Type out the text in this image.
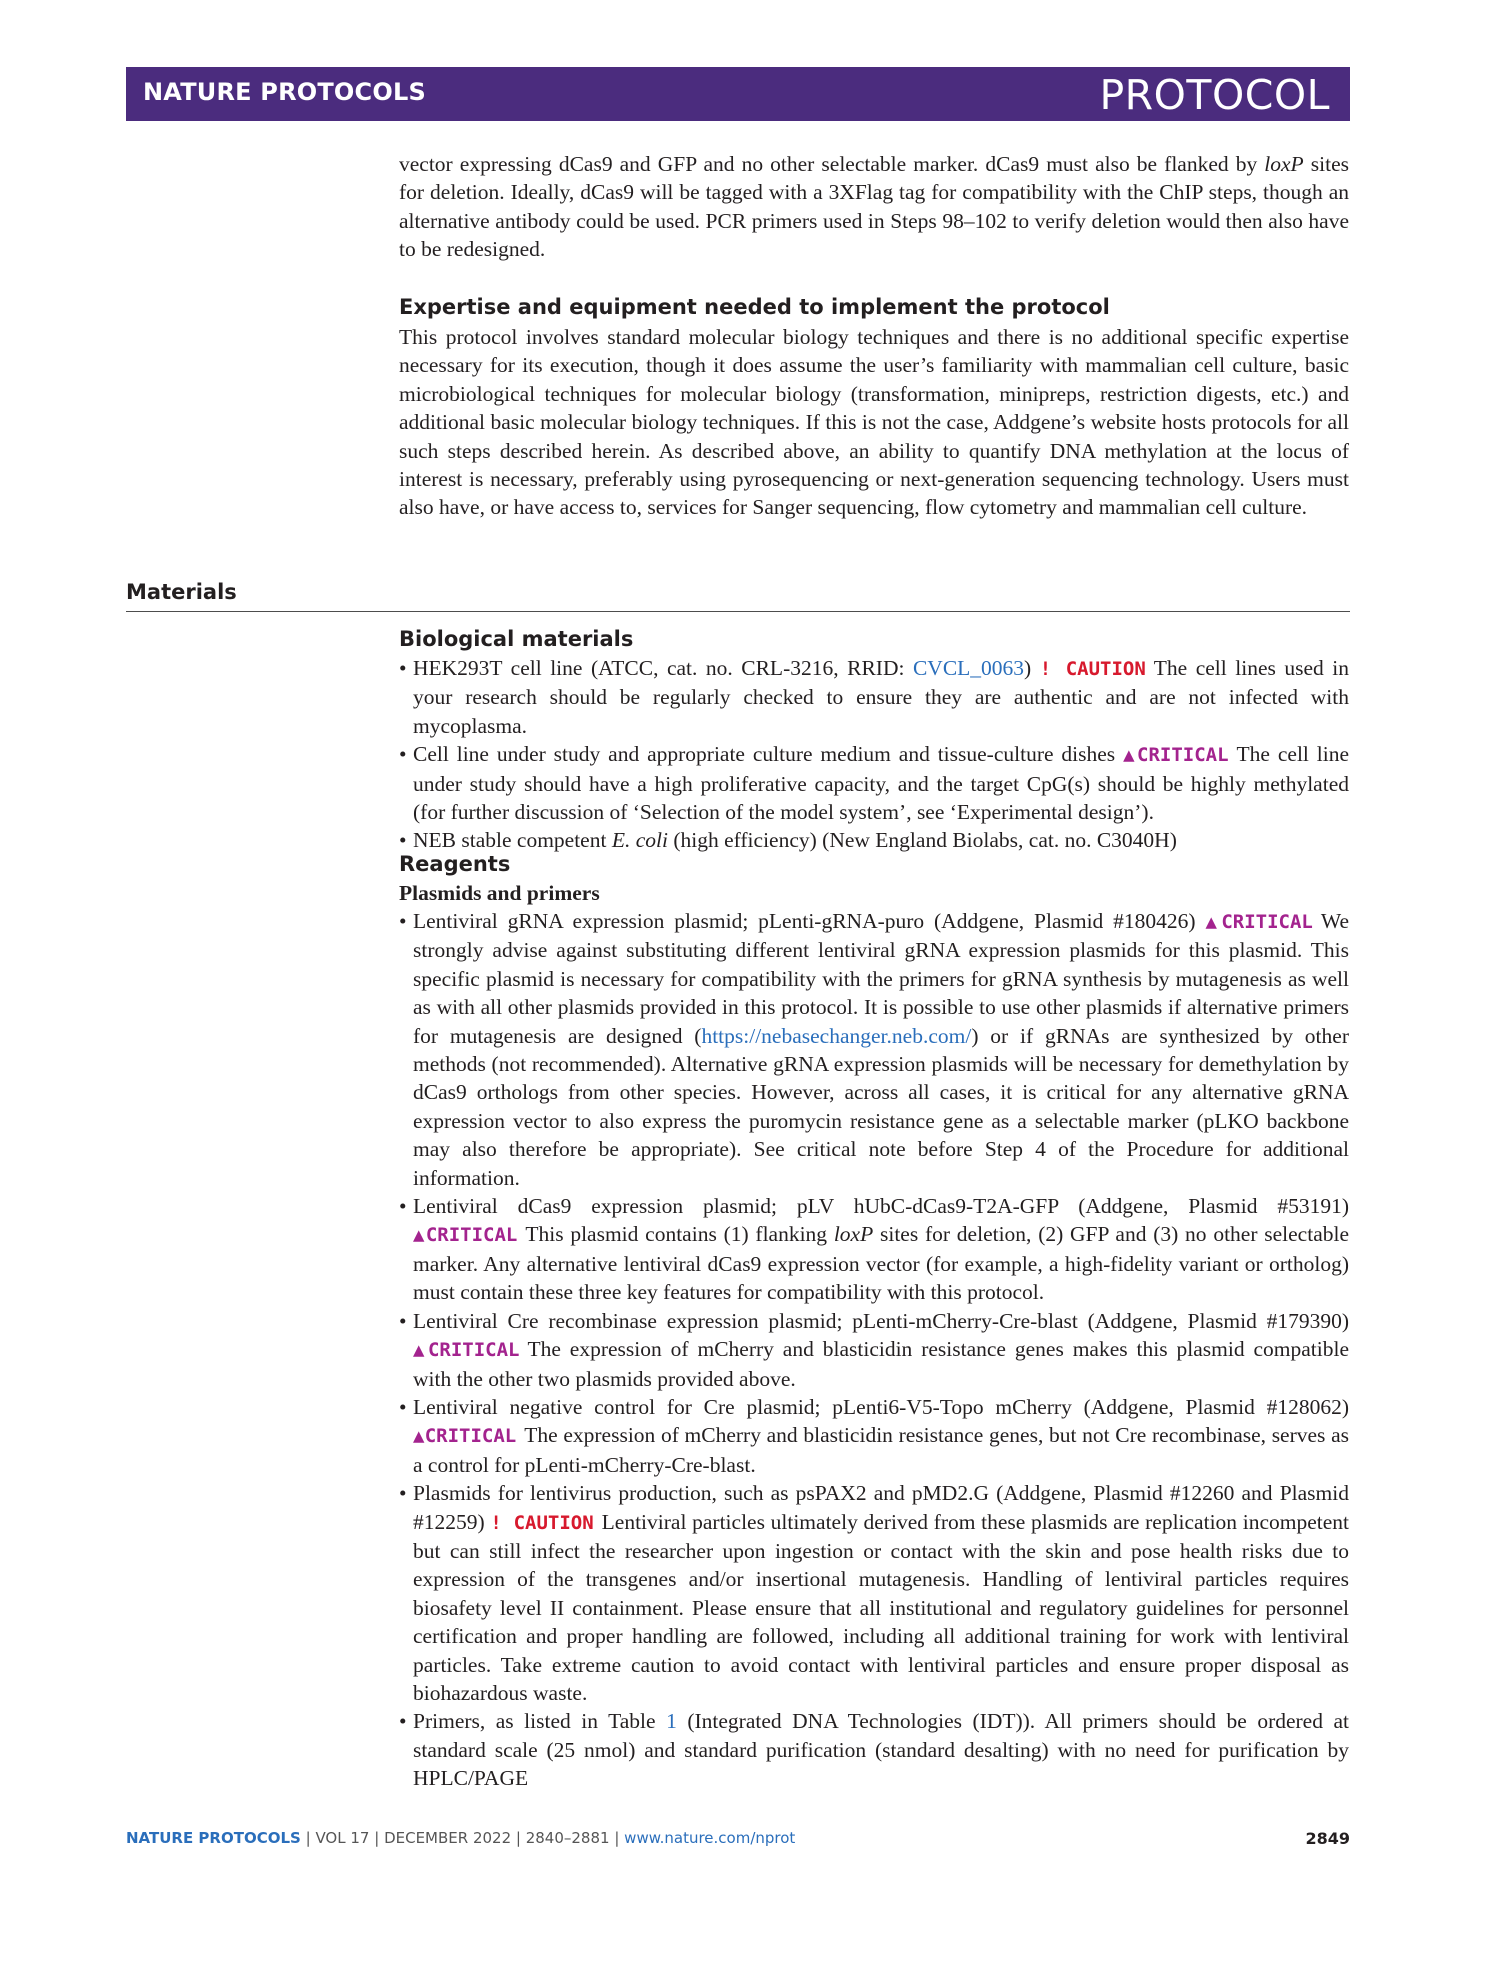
NATURE PROTOCOLS	PROTOCOL

vector expressing dCas9 and GFP and no other selectable marker. dCas9 must also be flanked by loxP sites for deletion. Ideally, dCas9 will be tagged with a 3XFlag tag for compatibility with the ChIP steps, though an alternative antibody could be used. PCR primers used in Steps 98–102 to verify deletion would then also have to be redesigned.

Expertise and equipment needed to implement the protocol

This protocol involves standard molecular biology techniques and there is no additional specific expertise necessary for its execution, though it does assume the user’s familiarity with mammalian cell culture, basic microbiological techniques for molecular biology (transformation, minipreps, restriction digests, etc.) and additional basic molecular biology techniques. If this is not the case, Addgene’s website hosts protocols for all such steps described herein. As described above, an ability to quantify DNA methylation at the locus of interest is necessary, preferably using pyrosequencing or next-generation sequencing technology. Users must also have, or have access to, services for Sanger sequencing, flow cytometry and mammalian cell culture.

Materials
Biological materials
• HEK293T cell line (ATCC, cat. no. CRL-3216, RRID: CVCL_0063) ! CAUTION The cell lines used in your research should be regularly checked to ensure they are authentic and are not infected with mycoplasma.
• Cell line under study and appropriate culture medium and tissue-culture dishes ▲CRITICAL The cell line under study should have a high proliferative capacity, and the target CpG(s) should be highly methylated (for further discussion of ‘Selection of the model system’, see ‘Experimental design’).
• NEB stable competent E. coli (high efficiency) (New England Biolabs, cat. no. C3040H)
Reagents

Plasmids and primers

• Lentiviral gRNA expression plasmid; pLenti-gRNA-puro (Addgene, Plasmid #180426) ▲CRITICAL We strongly advise against substituting different lentiviral gRNA expression plasmids for this plasmid. This specific plasmid is necessary for compatibility with the primers for gRNA synthesis by mutagenesis as well as with all other plasmids provided in this protocol. It is possible to use other plasmids if alternative primers for mutagenesis are designed (https://nebasechanger.neb.com/) or if gRNAs are synthesized by other methods (not recommended). Alternative gRNA expression plasmids will be necessary for demethylation by dCas9 orthologs from other species. However, across all cases, it is critical for any alternative gRNA expression vector to also express the puromycin resistance gene as a selectable marker (pLKO backbone may also therefore be appropriate). See critical note before Step 4 of the Procedure for additional information.
• Lentiviral dCas9 expression plasmid; pLV hUbC-dCas9-T2A-GFP (Addgene, Plasmid #53191) ▲CRITICAL This plasmid contains (1) flanking loxP sites for deletion, (2) GFP and (3) no other selectable marker. Any alternative lentiviral dCas9 expression vector (for example, a high-fidelity variant or ortholog) must contain these three key features for compatibility with this protocol.
• Lentiviral Cre recombinase expression plasmid; pLenti-mCherry-Cre-blast (Addgene, Plasmid #179390) ▲CRITICAL The expression of mCherry and blasticidin resistance genes makes this plasmid compatible with the other two plasmids provided above.
• Lentiviral negative control for Cre plasmid; pLenti6-V5-Topo mCherry (Addgene, Plasmid #128062) ▲CRITICAL The expression of mCherry and blasticidin resistance genes, but not Cre recombinase, serves as a control for pLenti-mCherry-Cre-blast.
• Plasmids for lentivirus production, such as psPAX2 and pMD2.G (Addgene, Plasmid #12260 and Plasmid #12259) ! CAUTION Lentiviral particles ultimately derived from these plasmids are replication incompetent but can still infect the researcher upon ingestion or contact with the skin and pose health risks due to expression of the transgenes and/or insertional mutagenesis. Handling of lentiviral particles requires biosafety level II containment. Please ensure that all institutional and regulatory guidelines for personnel certification and proper handling are followed, including all additional training for work with lentiviral particles. Take extreme caution to avoid contact with lentiviral particles and ensure proper disposal as biohazardous waste.
• Primers, as listed in Table 1 (Integrated DNA Technologies (IDT)). All primers should be ordered at standard scale (25 nmol) and standard purification (standard desalting) with no need for purification by HPLC/PAGE
NATURE PROTOCOLS | VOL 17 | DECEMBER 2022 | 2840–2881 | www.nature.com/nprot	2849
